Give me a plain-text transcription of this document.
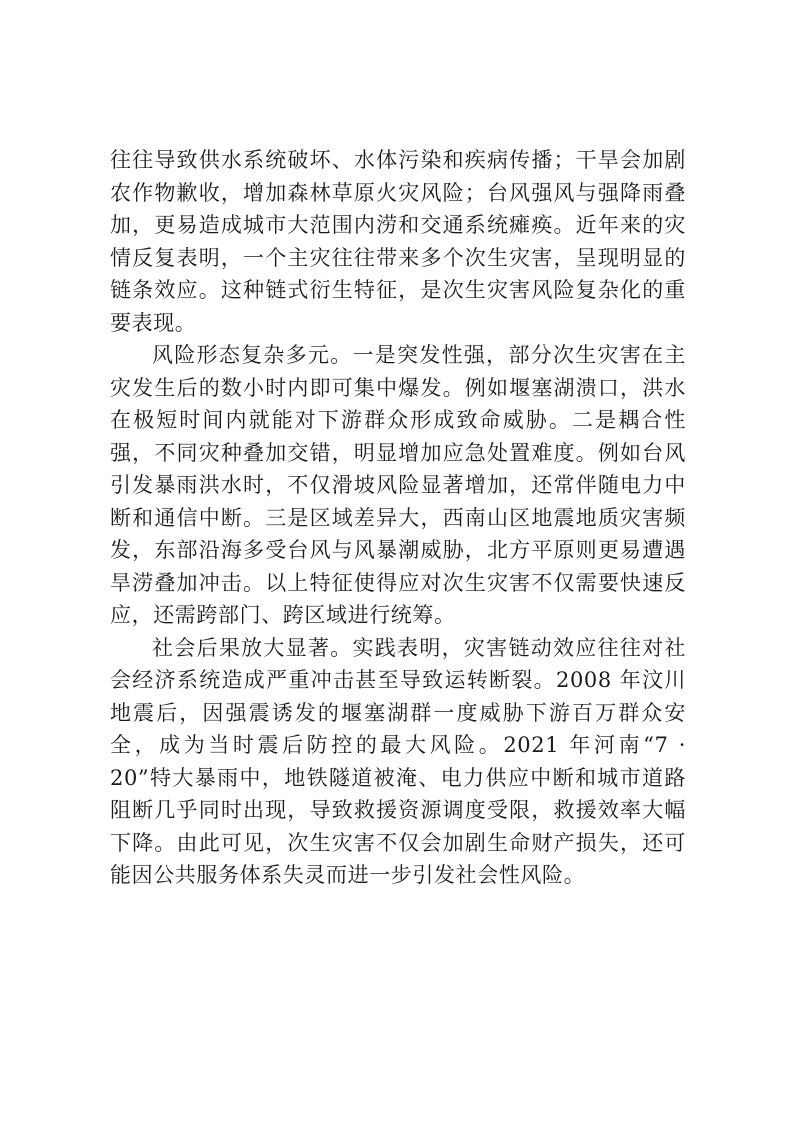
往往导致供水系统破坏、水体污染和疾病传播；干旱会加剧农作物歉收，增加森林草原火灾风险；台风强风与强降雨叠加，更易造成城市大范围内涝和交通系统瘫痪。近年来的灾情反复表明，一个主灾往往带来多个次生灾害，呈现明显的链条效应。这种链式衍生特征，是次生灾害风险复杂化的重要表现。

风险形态复杂多元。一是突发性强，部分次生灾害在主灾发生后的数小时内即可集中爆发。例如堰塞湖溃口，洪水在极短时间内就能对下游群众形成致命威胁。二是耦合性强，不同灾种叠加交错，明显增加应急处置难度。例如台风引发暴雨洪水时，不仅滑坡风险显著增加，还常伴随电力中断和通信中断。三是区域差异大，西南山区地震地质灾害频发，东部沿海多受台风与风暴潮威胁，北方平原则更易遭遇旱涝叠加冲击。以上特征使得应对次生灾害不仅需要快速反应，还需跨部门、跨区域进行统筹。

社会后果放大显著。实践表明，灾害链动效应往往对社会经济系统造成严重冲击甚至导致运转断裂。2008 年汶川地震后，因强震诱发的堰塞湖群一度威胁下游百万群众安全，成为当时震后防控的最大风险。2021 年河南“7 · 20”特大暴雨中，地铁隧道被淹、电力供应中断和城市道路阻断几乎同时出现，导致救援资源调度受限，救援效率大幅下降。由此可见，次生灾害不仅会加剧生命财产损失，还可能因公共服务体系失灵而进一步引发社会性风险。
